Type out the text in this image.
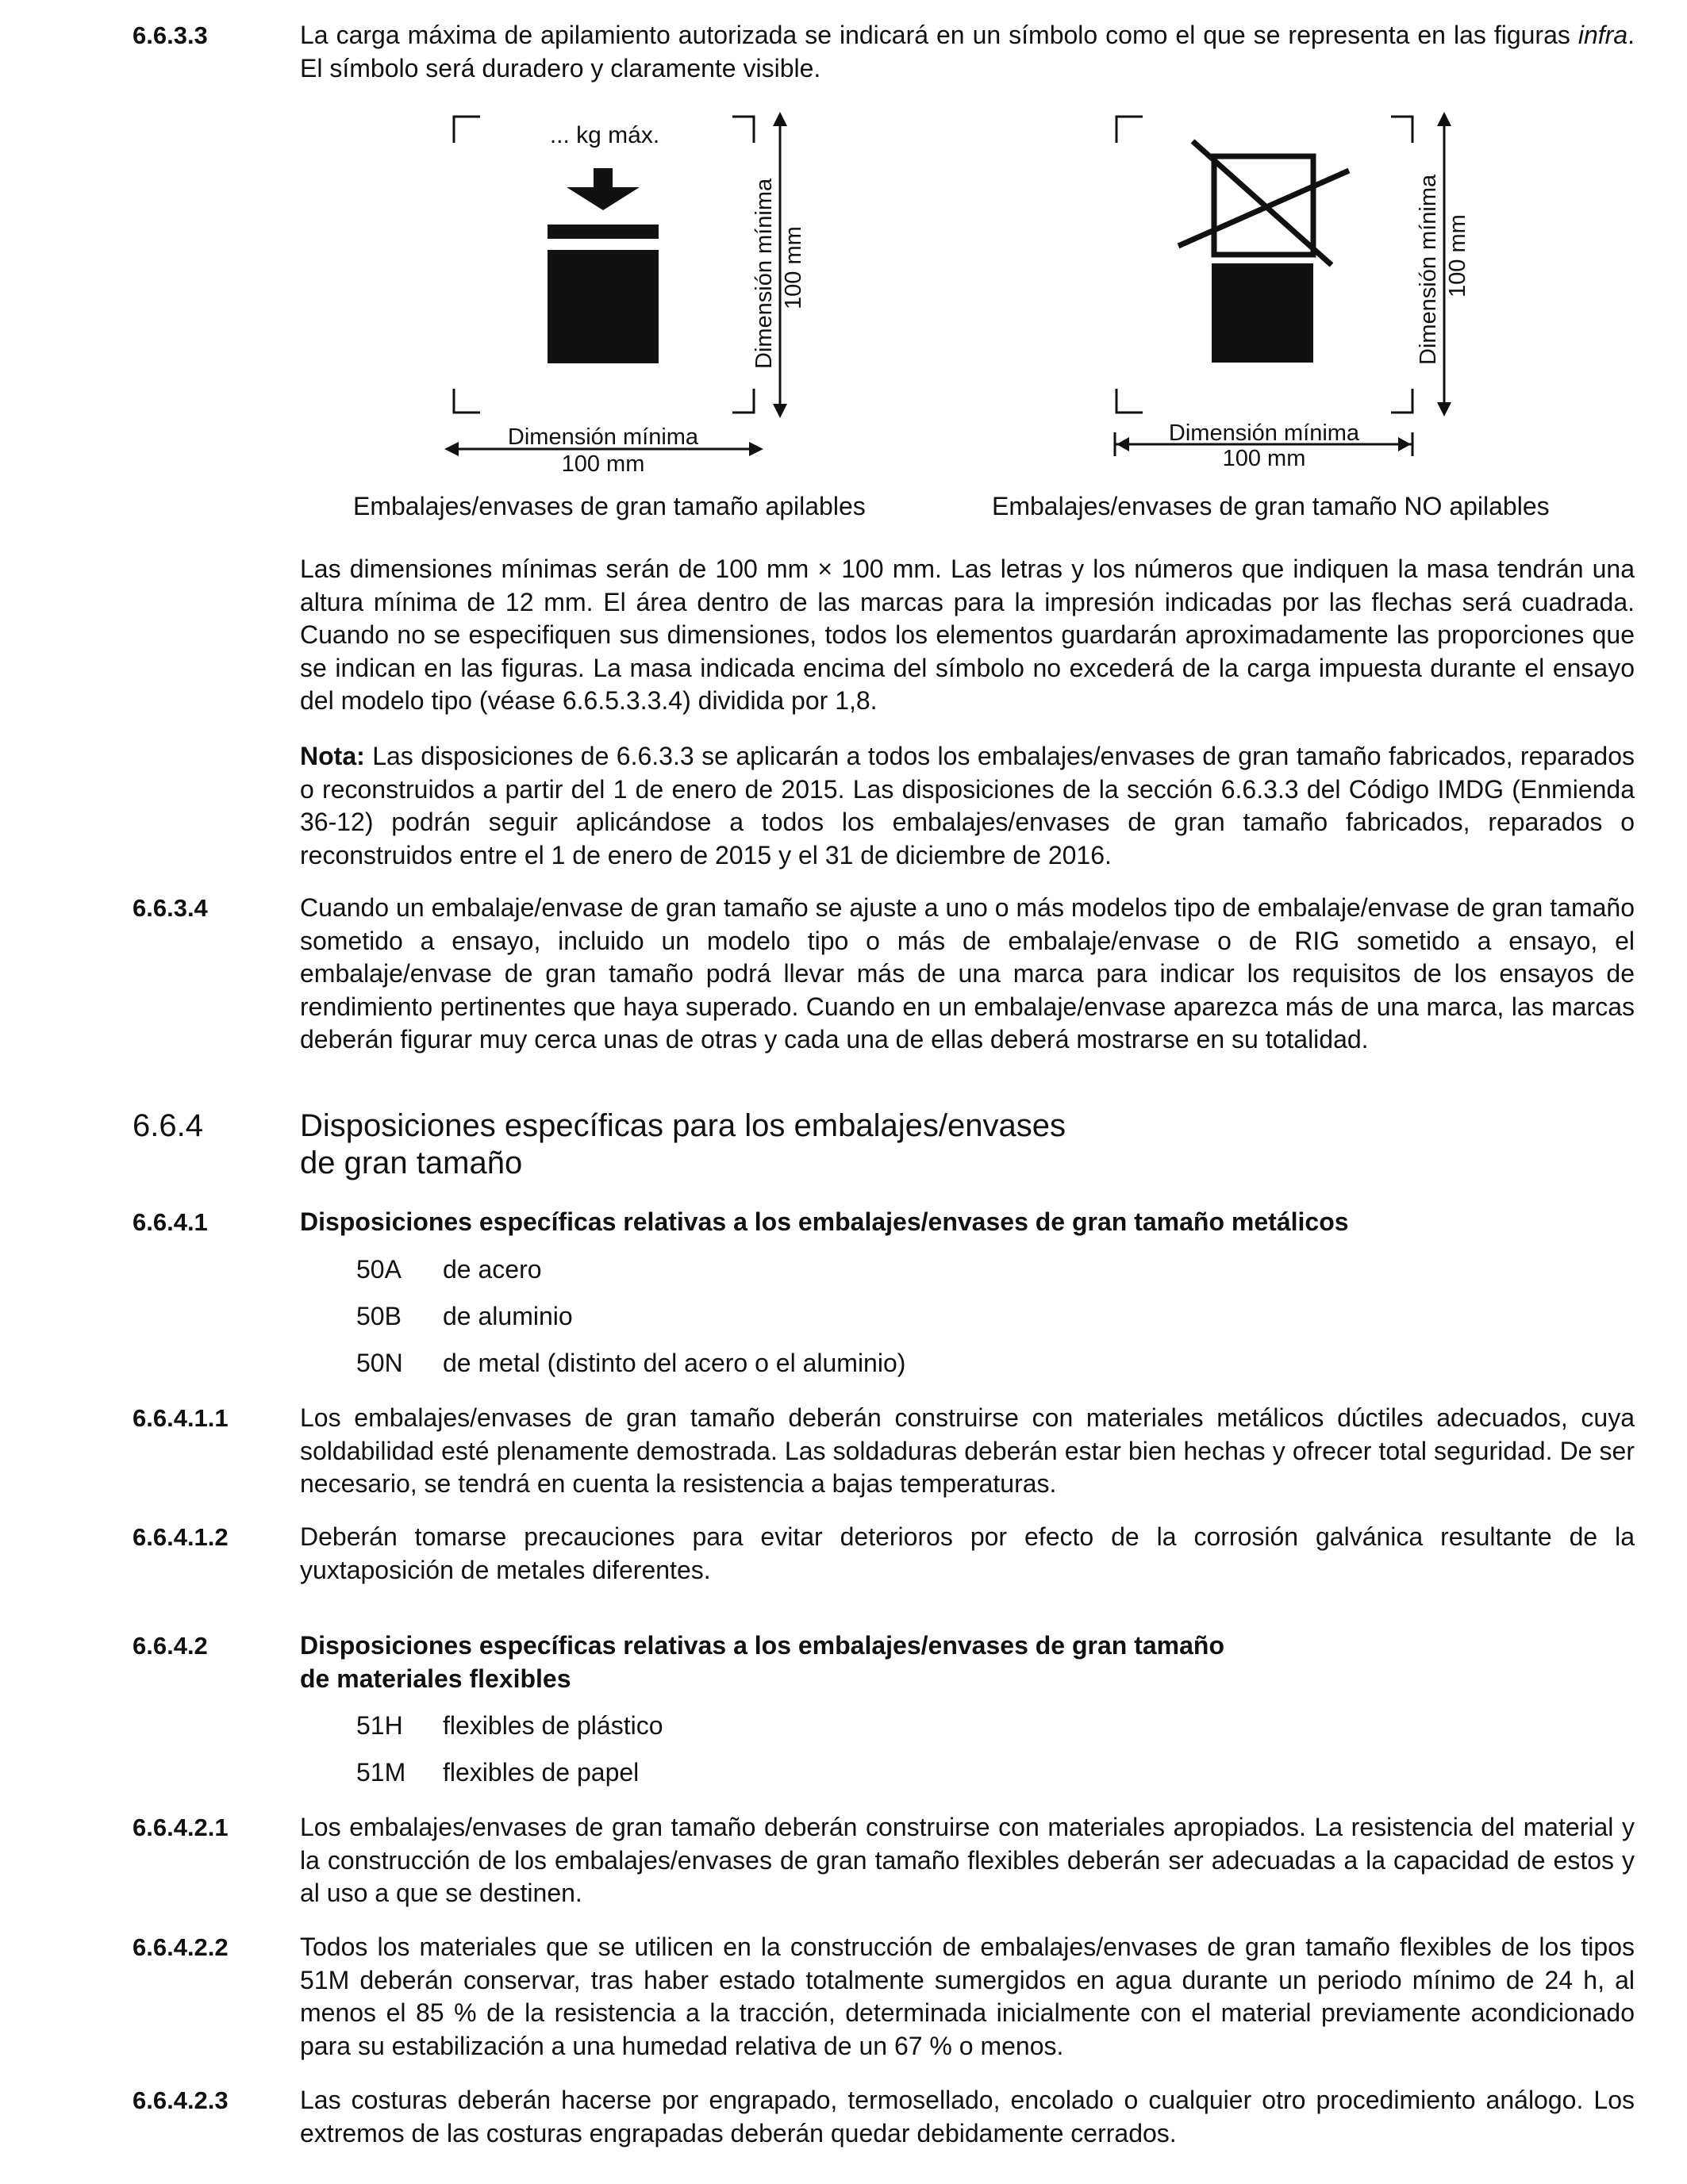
6.6.3.3	La carga máxima de apilamiento autorizada se indicará en un símbolo como el que se representa en las figuras infra. El símbolo será duradero y claramente visible.
... kg máx.
Dimensión mínima 100 mm
Dimensión mínima
100 mm
Embalajes/envases de gran tamaño apilables
Dimensión mínima 100 mm
Dimensión mínima
100 mm
Embalajes/envases de gran tamaño NO apilables
Las dimensiones mínimas serán de 100 mm × 100 mm. Las letras y los números que indiquen la masa tendrán una altura mínima de 12 mm. El área dentro de las marcas para la impresión indicadas por las flechas será cuadrada. Cuando no se especifiquen sus dimensiones, todos los elementos guardarán aproximadamente las proporciones que se indican en las figuras. La masa indicada encima del símbolo no excederá de la carga impuesta durante el ensayo del modelo tipo (véase 6.6.5.3.3.4) dividida por 1,8.
Nota: Las disposiciones de 6.6.3.3 se aplicarán a todos los embalajes/envases de gran tamaño fabricados, reparados o reconstruidos a partir del 1 de enero de 2015. Las disposiciones de la sección 6.6.3.3 del Código IMDG (Enmienda 36-12) podrán seguir aplicándose a todos los embalajes/envases de gran tamaño fabricados, reparados o reconstruidos entre el 1 de enero de 2015 y el 31 de diciembre de 2016.
6.6.3.4	Cuando un embalaje/envase de gran tamaño se ajuste a uno o más modelos tipo de embalaje/envase de gran tamaño sometido a ensayo, incluido un modelo tipo o más de embalaje/envase o de RIG sometido a ensayo, el embalaje/envase de gran tamaño podrá llevar más de una marca para indicar los requisitos de los ensayos de rendimiento pertinentes que haya superado. Cuando en un embalaje/envase aparezca más de una marca, las marcas deberán figurar muy cerca unas de otras y cada una de ellas deberá mostrarse en su totalidad.
6.6.4	Disposiciones específicas para los embalajes/envases
de gran tamaño
6.6.4.1	Disposiciones específicas relativas a los embalajes/envases de gran tamaño metálicos
50A de acero
50B de aluminio
50N de metal (distinto del acero o el aluminio)
6.6.4.1.1	Los embalajes/envases de gran tamaño deberán construirse con materiales metálicos dúctiles adecuados, cuya soldabilidad esté plenamente demostrada. Las soldaduras deberán estar bien hechas y ofrecer total seguridad. De ser necesario, se tendrá en cuenta la resistencia a bajas temperaturas.
6.6.4.1.2	Deberán tomarse precauciones para evitar deterioros por efecto de la corrosión galvánica resultante de la yuxtaposición de metales diferentes.
6.6.4.2	Disposiciones específicas relativas a los embalajes/envases de gran tamaño
de materiales flexibles
51H flexibles de plástico
51M flexibles de papel
6.6.4.2.1	Los embalajes/envases de gran tamaño deberán construirse con materiales apropiados. La resistencia del material y la construcción de los embalajes/envases de gran tamaño flexibles deberán ser adecuadas a la capacidad de estos y al uso a que se destinen.
6.6.4.2.2	Todos los materiales que se utilicen en la construcción de embalajes/envases de gran tamaño flexibles de los tipos 51M deberán conservar, tras haber estado totalmente sumergidos en agua durante un periodo mínimo de 24 h, al menos el 85 % de la resistencia a la tracción, determinada inicialmente con el material previamente acondicionado para su estabilización a una humedad relativa de un 67 % o menos.
6.6.4.2.3	Las costuras deberán hacerse por engrapado, termosellado, encolado o cualquier otro procedimiento análogo. Los extremos de las costuras engrapadas deberán quedar debidamente cerrados.
